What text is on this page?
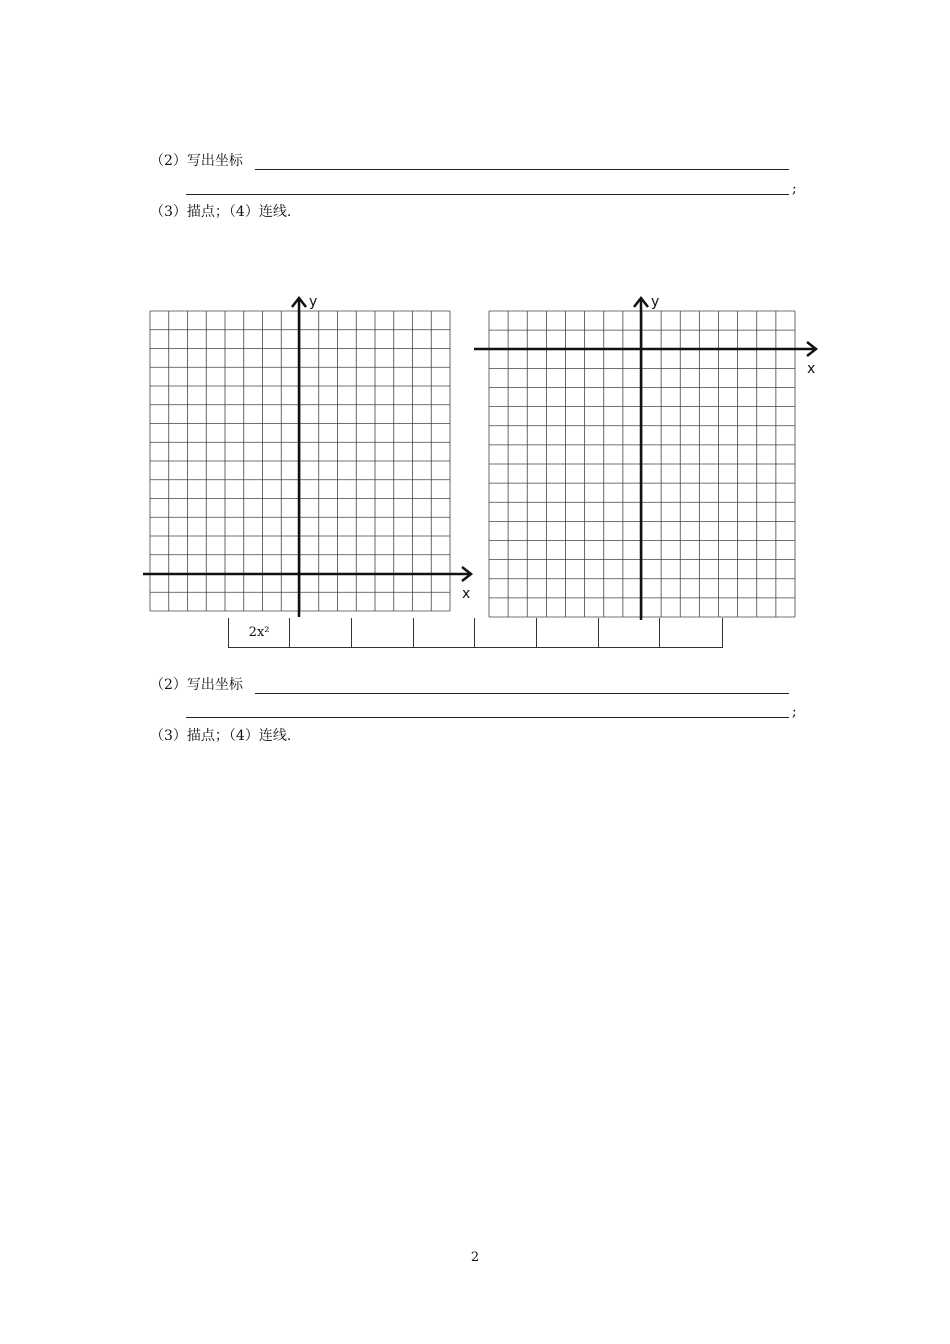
（2）写出坐标
;
（3）描点；（4）连线.
y
x
y
x
2x²
（2）写出坐标
;
（3）描点；（4）连线.
2
